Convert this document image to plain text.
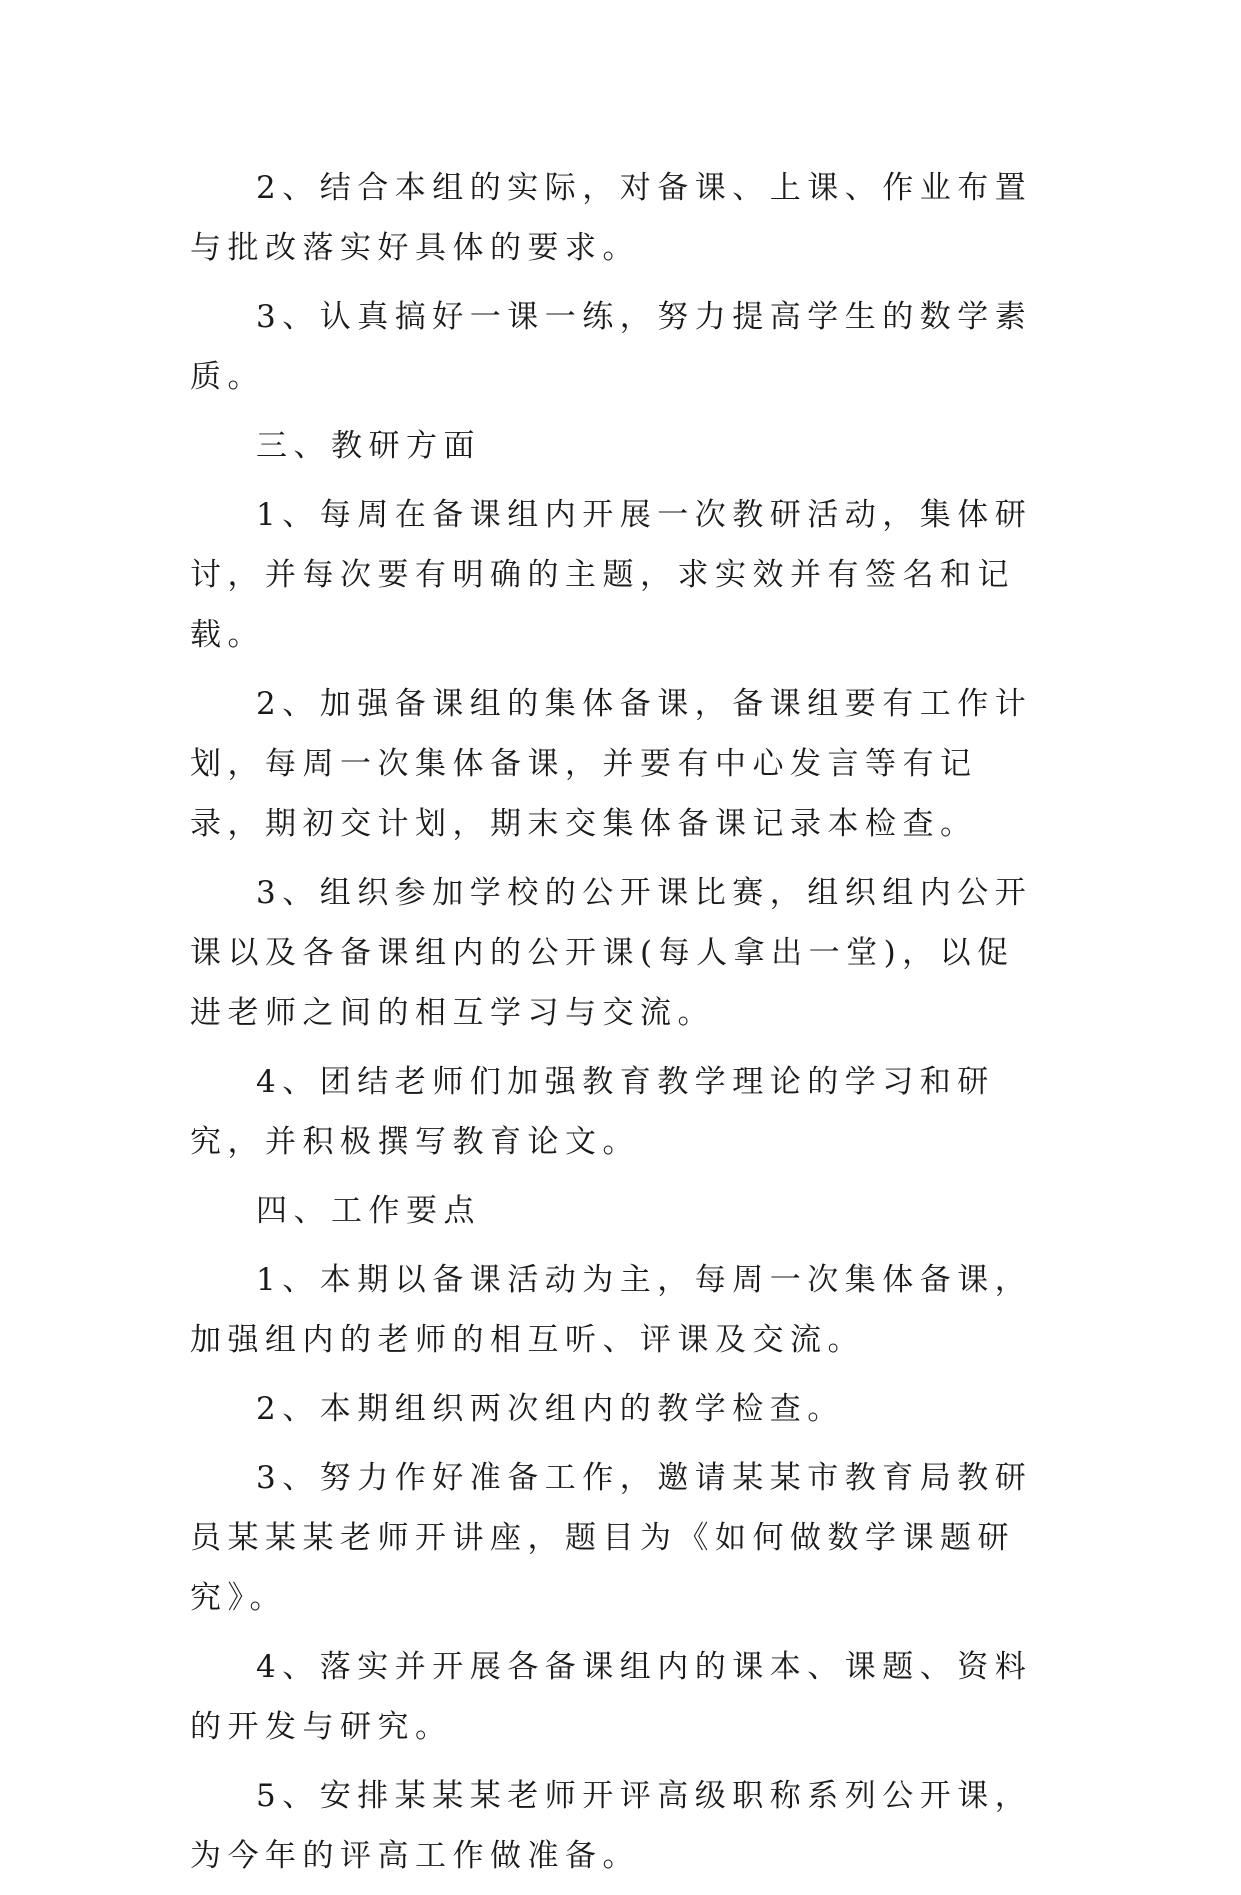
2、结合本组的实际，对备课、上课、作业布置与批改落实好具体的要求。

3、认真搞好一课一练，努力提高学生的数学素质。

三、教研方面

1、每周在备课组内开展一次教研活动，集体研讨，并每次要有明确的主题，求实效并有签名和记载。

2、加强备课组的集体备课，备课组要有工作计划，每周一次集体备课，并要有中心发言等有记录，期初交计划，期末交集体备课记录本检查。

3、组织参加学校的公开课比赛，组织组内公开课以及各备课组内的公开课(每人拿出一堂)，以促进老师之间的相互学习与交流。

4、团结老师们加强教育教学理论的学习和研究，并积极撰写教育论文。

四、工作要点

1、本期以备课活动为主，每周一次集体备课，加强组内的老师的相互听、评课及交流。

2、本期组织两次组内的教学检查。

3、努力作好准备工作，邀请某某市教育局教研员某某某老师开讲座，题目为《如何做数学课题研究》。

4、落实并开展各备课组内的课本、课题、资料的开发与研究。

5、安排某某某老师开评高级职称系列公开课，为今年的评高工作做准备。
